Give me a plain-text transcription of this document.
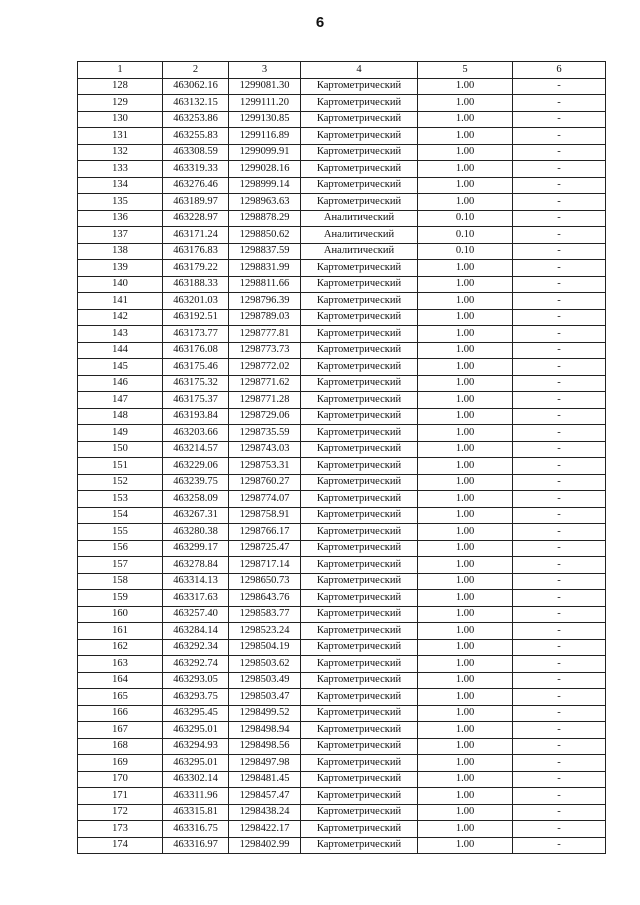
6
1	2	3	4	5	6
128	463062.16	1299081.30	Картометрический	1.00	-
129	463132.15	1299111.20	Картометрический	1.00	-
130	463253.86	1299130.85	Картометрический	1.00	-
131	463255.83	1299116.89	Картометрический	1.00	-
132	463308.59	1299099.91	Картометрический	1.00	-
133	463319.33	1299028.16	Картометрический	1.00	-
134	463276.46	1298999.14	Картометрический	1.00	-
135	463189.97	1298963.63	Картометрический	1.00	-
136	463228.97	1298878.29	Аналитический	0.10	-
137	463171.24	1298850.62	Аналитический	0.10	-
138	463176.83	1298837.59	Аналитический	0.10	-
139	463179.22	1298831.99	Картометрический	1.00	-
140	463188.33	1298811.66	Картометрический	1.00	-
141	463201.03	1298796.39	Картометрический	1.00	-
142	463192.51	1298789.03	Картометрический	1.00	-
143	463173.77	1298777.81	Картометрический	1.00	-
144	463176.08	1298773.73	Картометрический	1.00	-
145	463175.46	1298772.02	Картометрический	1.00	-
146	463175.32	1298771.62	Картометрический	1.00	-
147	463175.37	1298771.28	Картометрический	1.00	-
148	463193.84	1298729.06	Картометрический	1.00	-
149	463203.66	1298735.59	Картометрический	1.00	-
150	463214.57	1298743.03	Картометрический	1.00	-
151	463229.06	1298753.31	Картометрический	1.00	-
152	463239.75	1298760.27	Картометрический	1.00	-
153	463258.09	1298774.07	Картометрический	1.00	-
154	463267.31	1298758.91	Картометрический	1.00	-
155	463280.38	1298766.17	Картометрический	1.00	-
156	463299.17	1298725.47	Картометрический	1.00	-
157	463278.84	1298717.14	Картометрический	1.00	-
158	463314.13	1298650.73	Картометрический	1.00	-
159	463317.63	1298643.76	Картометрический	1.00	-
160	463257.40	1298583.77	Картометрический	1.00	-
161	463284.14	1298523.24	Картометрический	1.00	-
162	463292.34	1298504.19	Картометрический	1.00	-
163	463292.74	1298503.62	Картометрический	1.00	-
164	463293.05	1298503.49	Картометрический	1.00	-
165	463293.75	1298503.47	Картометрический	1.00	-
166	463295.45	1298499.52	Картометрический	1.00	-
167	463295.01	1298498.94	Картометрический	1.00	-
168	463294.93	1298498.56	Картометрический	1.00	-
169	463295.01	1298497.98	Картометрический	1.00	-
170	463302.14	1298481.45	Картометрический	1.00	-
171	463311.96	1298457.47	Картометрический	1.00	-
172	463315.81	1298438.24	Картометрический	1.00	-
173	463316.75	1298422.17	Картометрический	1.00	-
174	463316.97	1298402.99	Картометрический	1.00	-
